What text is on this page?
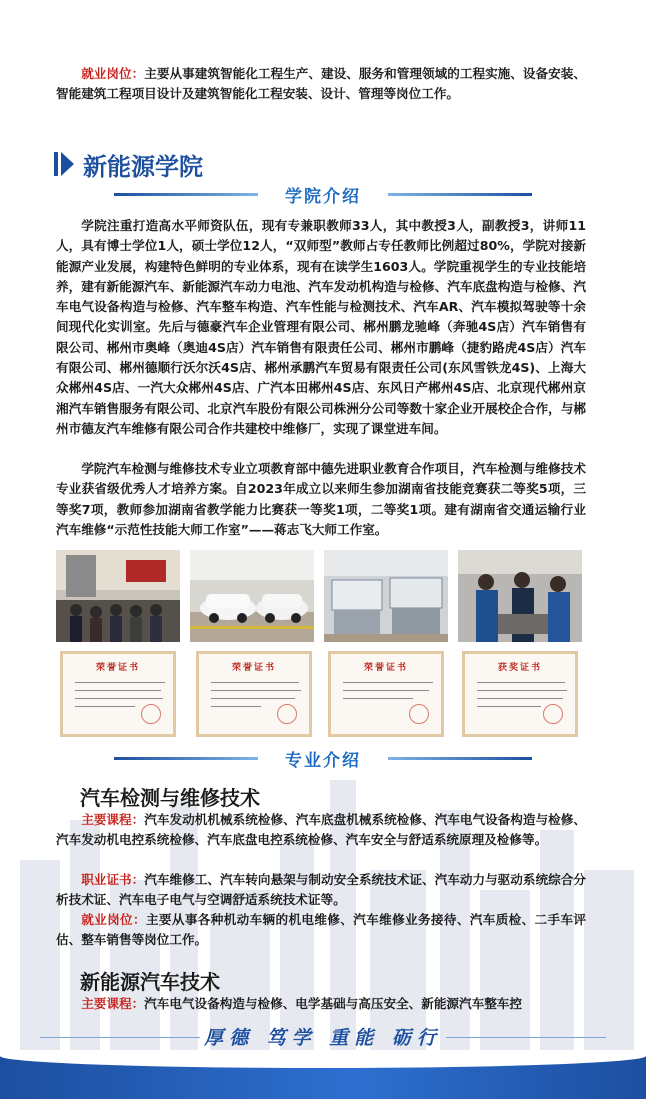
就业岗位：主要从事建筑智能化工程生产、建设、服务和管理领域的工程实施、设备安装、智能建筑工程项目设计及建筑智能化工程安装、设计、管理等岗位工作。

新能源学院
学院介绍

学院注重打造高水平师资队伍，现有专兼职教师33人，其中教授3人，副教授3，讲师11人，具有博士学位1人，硕士学位12人，“双师型”教师占专任教师比例超过80%，学院对接新能源产业发展，构建特色鲜明的专业体系，现有在读学生1603人。学院重视学生的专业技能培养，建有新能源汽车、新能源汽车动力电池、汽车发动机构造与检修、汽车底盘构造与检修、汽车电气设备构造与检修、汽车整车构造、汽车性能与检测技术、汽车AR、汽车模拟驾驶等十余间现代化实训室。先后与德豪汽车企业管理有限公司、郴州鹏龙驰峰（奔驰4S店）汽车销售有限公司、郴州市奥峰（奥迪4S店）汽车销售有限责任公司、郴州市鹏峰（捷豹路虎4S店）汽车有限公司、郴州德顺行沃尔沃4S店、郴州承鹏汽车贸易有限责任公司(东风雪铁龙4S)、上海大众郴州4S店、一汽大众郴州4S店、广汽本田郴州4S店、东风日产郴州4S店、北京现代郴州京湘汽车销售服务有限公司、北京汽车股份有限公司株洲分公司等数十家企业开展校企合作，与郴州市德友汽车维修有限公司合作共建校中维修厂，实现了课堂进车间。

学院汽车检测与维修技术专业立项教育部中德先进职业教育合作项目，汽车检测与维修技术专业获省级优秀人才培养方案。自2023年成立以来师生参加湖南省技能竞赛获二等奖5项，三等奖7项，教师参加湖南省教学能力比赛获一等奖1项，二等奖1项。建有湖南省交通运输行业汽车维修“示范性技能大师工作室”——蒋志飞大师工作室。

荣誉证书	荣誉证书	荣誉证书	获奖证书
专业介绍
汽车检测与维修技术

主要课程：汽车发动机机械系统检修、汽车底盘机械系统检修、汽车电气设备构造与检修、汽车发动机电控系统检修、汽车底盘电控系统检修、汽车安全与舒适系统原理及检修等。

职业证书：汽车维修工、汽车转向悬架与制动安全系统技术证、汽车动力与驱动系统综合分析技术证、汽车电子电气与空调舒适系统技术证等。

就业岗位：主要从事各种机动车辆的机电维修、汽车维修业务接待、汽车质检、二手车评估、整车销售等岗位工作。

新能源汽车技术

主要课程：汽车电气设备构造与检修、电学基础与高压安全、新能源汽车整车控

厚德 笃学 重能 砺行
